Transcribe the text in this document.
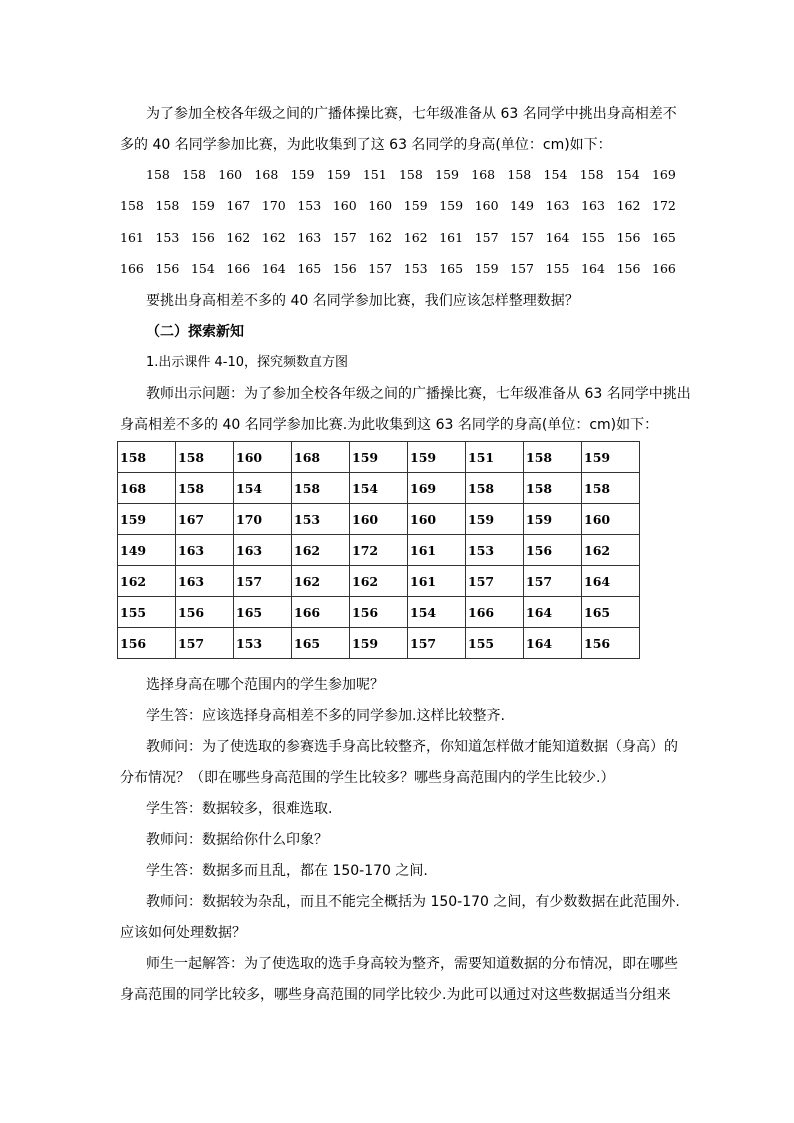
为了参加全校各年级之间的广播体操比赛，七年级准备从 63 名同学中挑出身高相差不
多的 40 名同学参加比赛，为此收集到了这 63 名同学的身高(单位：cm)如下：
158 158 160 168 159 159 151 158 159 168 158 154 158 154 169
158 158 159 167 170 153 160 160 159 159 160 149 163 163 162 172
161 153 156 162 162 163 157 162 162 161 157 157 164 155 156 165
166 156 154 166 164 165 156 157 153 165 159 157 155 164 156 166
要挑出身高相差不多的 40 名同学参加比赛，我们应该怎样整理数据？
（二）探索新知
1.出示课件 4-10，探究频数直方图
教师出示问题：为了参加全校各年级之间的广播操比赛，七年级准备从 63 名同学中挑出
身高相差不多的 40 名同学参加比赛.为此收集到这 63 名同学的身高(单位：cm)如下：
158	158	160	168	159	159	151	158	159
168	158	154	158	154	169	158	158	158
159	167	170	153	160	160	159	159	160
149	163	163	162	172	161	153	156	162
162	163	157	162	162	161	157	157	164
155	156	165	166	156	154	166	164	165
156	157	153	165	159	157	155	164	156
选择身高在哪个范围内的学生参加呢？
学生答：应该选择身高相差不多的同学参加.这样比较整齐.
教师问：为了使选取的参赛选手身高比较整齐，你知道怎样做才能知道数据（身高）的
分布情况？（即在哪些身高范围的学生比较多？哪些身高范围内的学生比较少.）
学生答：数据较多，很难选取.
教师问：数据给你什么印象？
学生答：数据多而且乱，都在 150-170 之间.
教师问：数据较为杂乱，而且不能完全概括为 150-170 之间，有少数数据在此范围外.
应该如何处理数据？
师生一起解答：为了使选取的选手身高较为整齐，需要知道数据的分布情况，即在哪些
身高范围的同学比较多，哪些身高范围的同学比较少.为此可以通过对这些数据适当分组来
